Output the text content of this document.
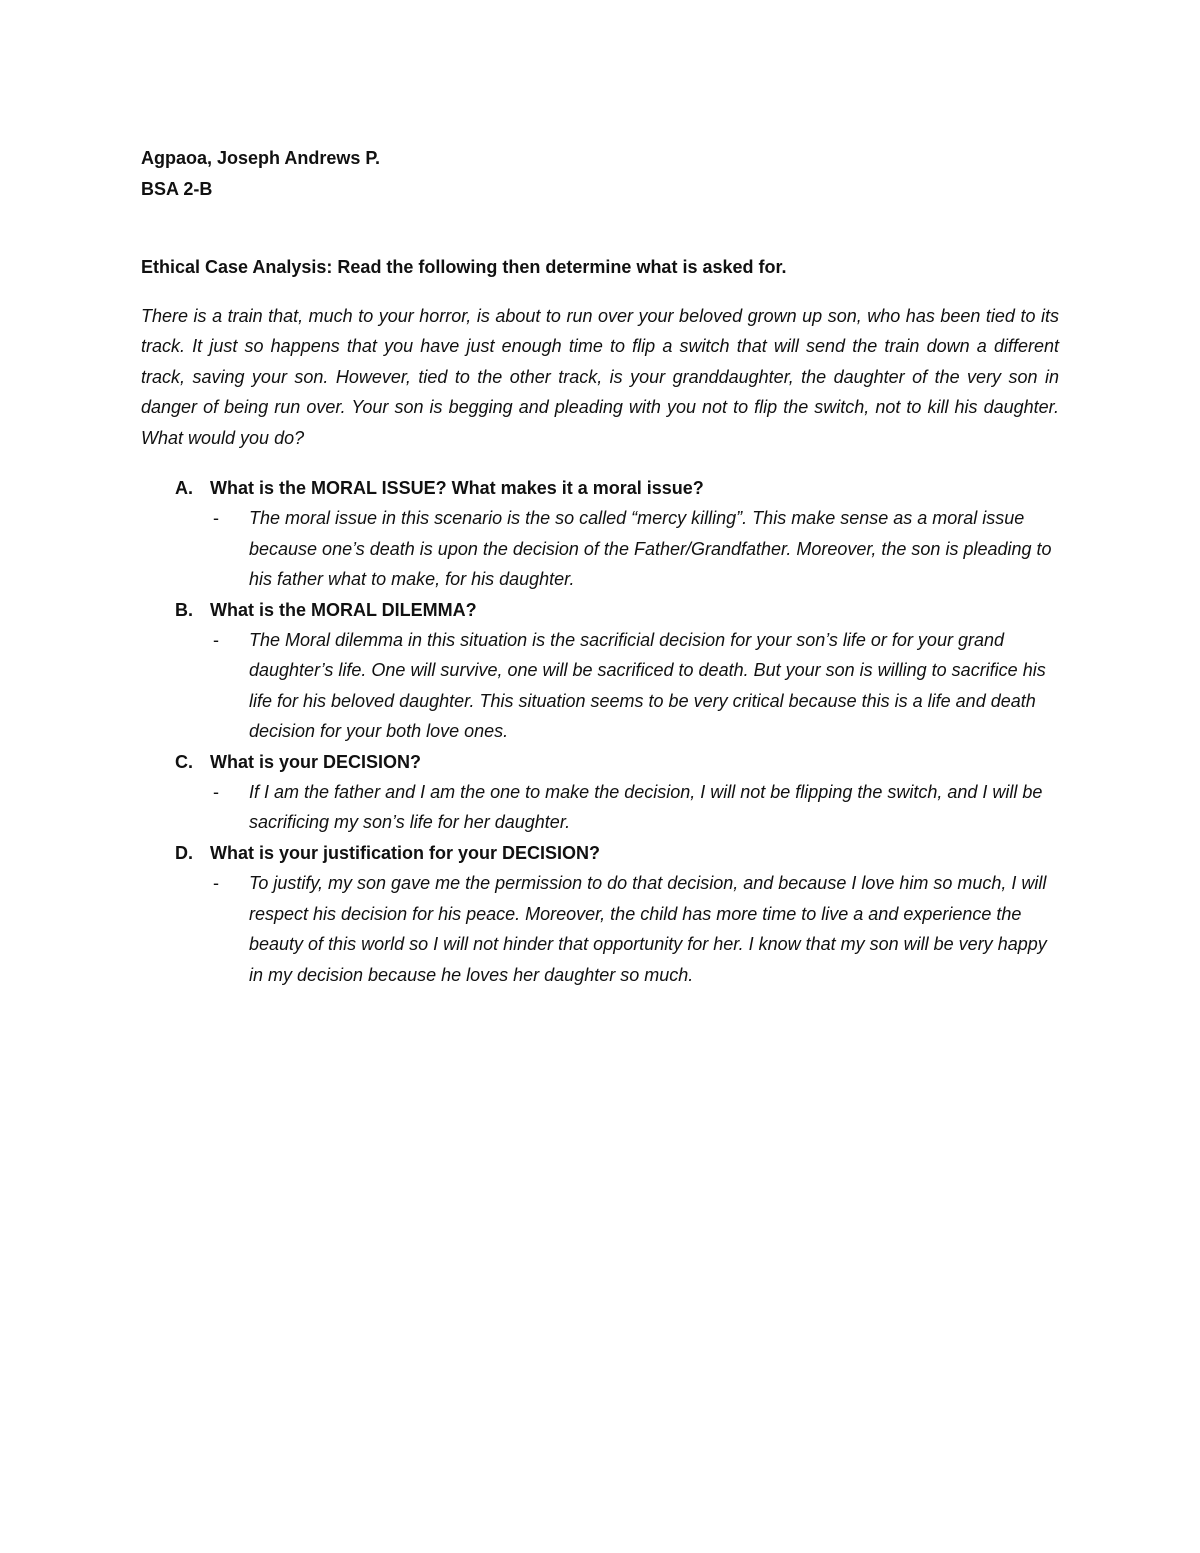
Agpaoa, Joseph Andrews P.
BSA 2-B
Ethical Case Analysis: Read the following then determine what is asked for.

There is a train that, much to your horror, is about to run over your beloved grown up son, who has been tied to its track. It just so happens that you have just enough time to flip a switch that will send the train down a different track, saving your son. However, tied to the other track, is your granddaughter, the daughter of the very son in danger of being run over. Your son is begging and pleading with you not to flip the switch, not to kill his daughter. What would you do?

A. What is the MORAL ISSUE? What makes it a moral issue?
-	The moral issue in this scenario is the so called “mercy killing”. This make sense as a moral issue because one’s death is upon the decision of the Father/Grandfather. Moreover, the son is pleading to his father what to make, for his daughter.
B. What is the MORAL DILEMMA?
-	The Moral dilemma in this situation is the sacrificial decision for your son’s life or for your grand daughter’s life. One will survive, one will be sacrificed to death. But your son is willing to sacrifice his life for his beloved daughter. This situation seems to be very critical because this is a life and death decision for your both love ones.
C. What is your DECISION?
-	If I am the father and I am the one to make the decision, I will not be flipping the switch, and I will be sacrificing my son’s life for her daughter.
D. What is your justification for your DECISION?
-	To justify, my son gave me the permission to do that decision, and because I love him so much, I will respect his decision for his peace. Moreover, the child has more time to live a and experience the beauty of this world so I will not hinder that opportunity for her. I know that my son will be very happy in my decision because he loves her daughter so much.
